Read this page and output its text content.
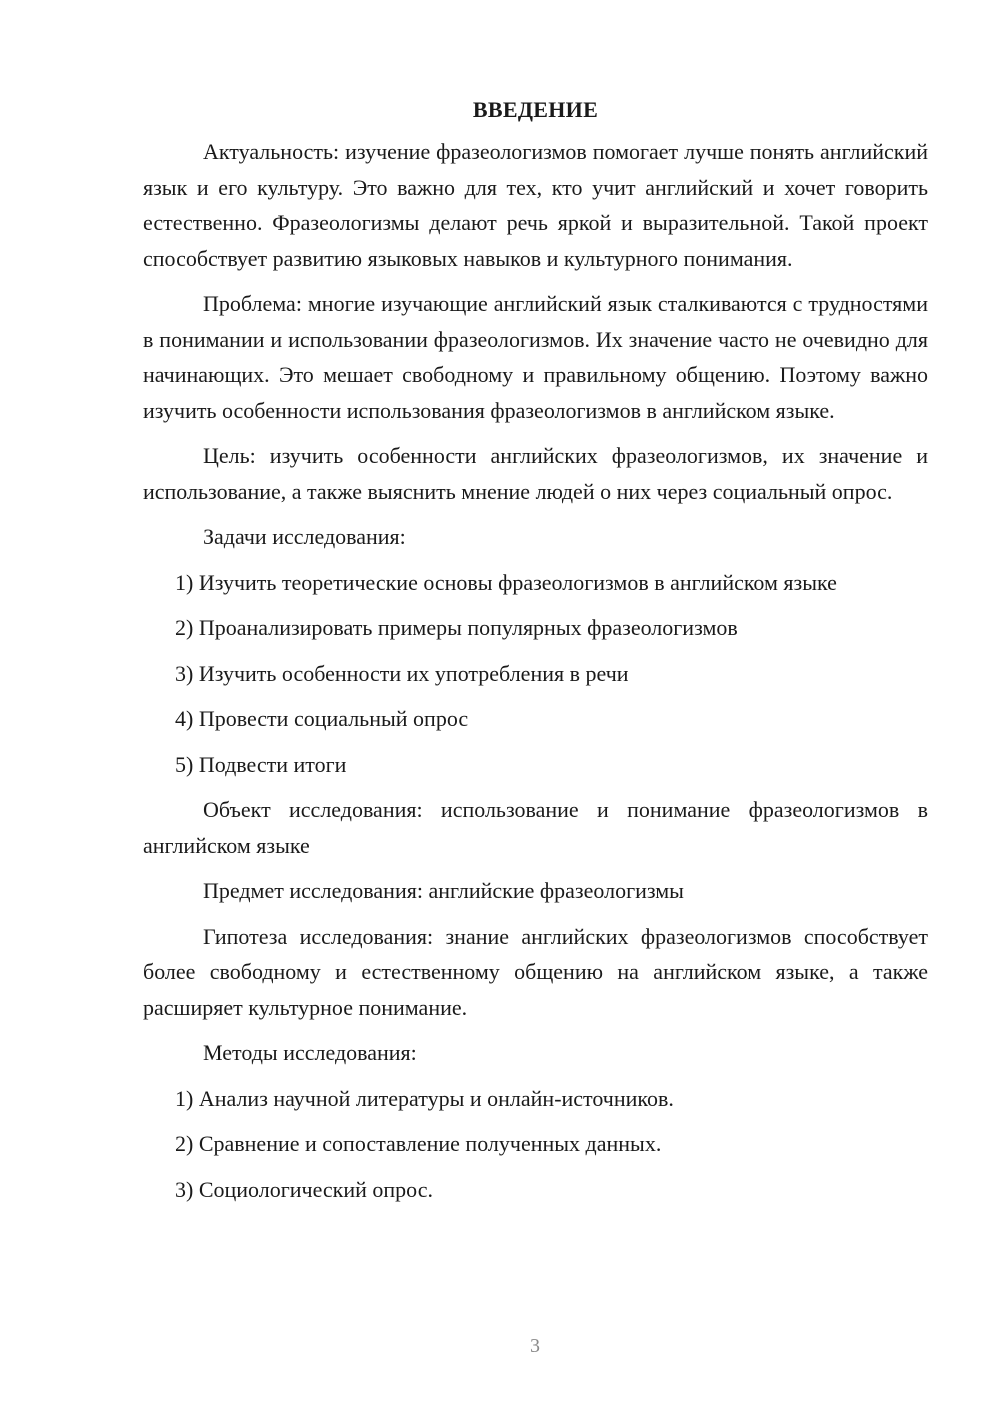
ВВЕДЕНИЕ

Актуальность: изучение фразеологизмов помогает лучше понять английский язык и его культуру. Это важно для тех, кто учит английский и хочет говорить естественно. Фразеологизмы делают речь яркой и выразительной. Такой проект способствует развитию языковых навыков и культурного понимания.

Проблема: многие изучающие английский язык сталкиваются с трудностями в понимании и использовании фразеологизмов. Их значение часто не очевидно для начинающих. Это мешает свободному и правильному общению. Поэтому важно изучить особенности использования фразеологизмов в английском языке.

Цель: изучить особенности английских фразеологизмов, их значение и использование, а также выяснить мнение людей о них через социальный опрос.

Задачи исследования:

1) Изучить теоретические основы фразеологизмов в английском языке

2) Проанализировать примеры популярных фразеологизмов

3) Изучить особенности их употребления в речи

4) Провести социальный опрос

5) Подвести итоги

Объект исследования: использование и понимание фразеологизмов в английском языке

Предмет исследования: английские фразеологизмы

Гипотеза исследования: знание английских фразеологизмов способствует более свободному и естественному общению на английском языке, а также расширяет культурное понимание.

Методы исследования:

1) Анализ научной литературы и онлайн-источников.

2) Сравнение и сопоставление полученных данных.

3) Социологический опрос.

3
